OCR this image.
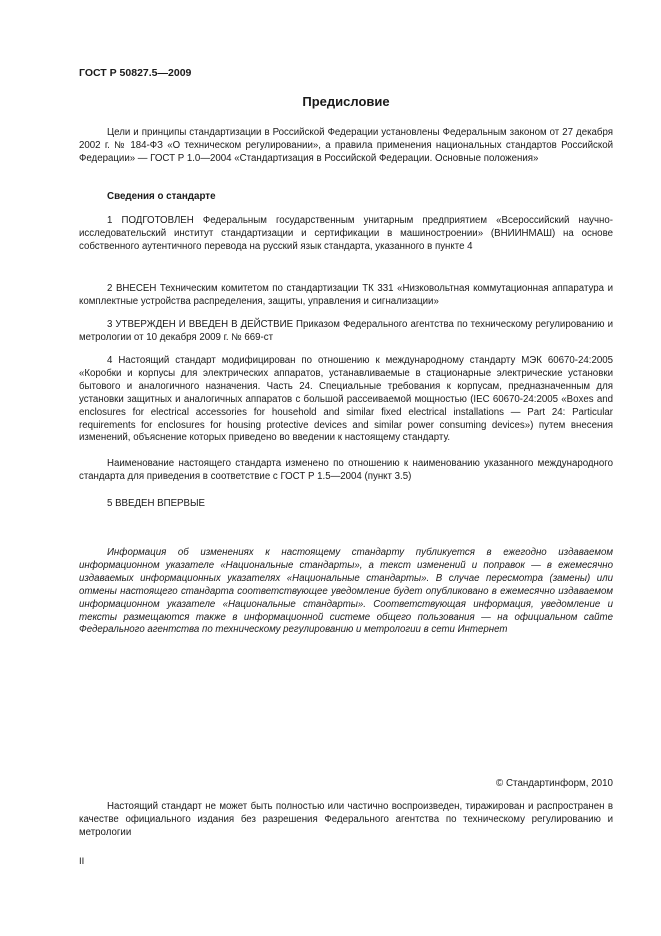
ГОСТ Р 50827.5—2009

Предисловие

Цели и принципы стандартизации в Российской Федерации установлены Федеральным законом от 27 декабря 2002 г. № 184-ФЗ «О техническом регулировании», а правила применения национальных стандартов Российской Федерации» — ГОСТ Р 1.0—2004 «Стандартизация в Российской Федерации. Основные положения»

Сведения о стандарте

1 ПОДГОТОВЛЕН Федеральным государственным унитарным предприятием «Всероссийский научно-исследовательский институт стандартизации и сертификации в машиностроении» (ВНИИНМАШ) на основе собственного аутентичного перевода на русский язык стандарта, указанного в пункте 4

2 ВНЕСЕН Техническим комитетом по стандартизации ТК 331 «Низковольтная коммутационная аппаратура и комплектные устройства распределения, защиты, управления и сигнализации»

3 УТВЕРЖДЕН И ВВЕДЕН В ДЕЙСТВИЕ Приказом Федерального агентства по техническому регулированию и метрологии от 10 декабря 2009 г. № 669-ст

4 Настоящий стандарт модифицирован по отношению к международному стандарту МЭК 60670-24:2005 «Коробки и корпусы для электрических аппаратов, устанавливаемые в стационарные электрические установки бытового и аналогичного назначения. Часть 24. Специальные требования к корпусам, предназначенным для установки защитных и аналогичных аппаратов с большой рассеиваемой мощностью (IEC 60670-24:2005 «Boxes and enclosures for electrical accessories for household and similar fixed electrical installations — Part 24: Particular requirements for enclosures for housing protective devices and similar power consuming devices») путем внесения изменений, объяснение которых приведено во введении к настоящему стандарту.

Наименование настоящего стандарта изменено по отношению к наименованию указанного международного стандарта для приведения в соответствие с ГОСТ Р 1.5—2004 (пункт 3.5)

5 ВВЕДЕН ВПЕРВЫЕ

Информация об изменениях к настоящему стандарту публикуется в ежегодно издаваемом информационном указателе «Национальные стандарты», а текст изменений и поправок — в ежемесячно издаваемых информационных указателях «Национальные стандарты». В случае пересмотра (замены) или отмены настоящего стандарта соответствующее уведомление будет опубликовано в ежемесячно издаваемом информационном указателе «Национальные стандарты». Соответствующая информация, уведомление и тексты размещаются также в информационной системе общего пользования — на официальном сайте Федерального агентства по техническому регулированию и метрологии в сети Интернет

© Стандартинформ, 2010

Настоящий стандарт не может быть полностью или частично воспроизведен, тиражирован и распространен в качестве официального издания без разрешения Федерального агентства по техническому регулированию и метрологии

II
